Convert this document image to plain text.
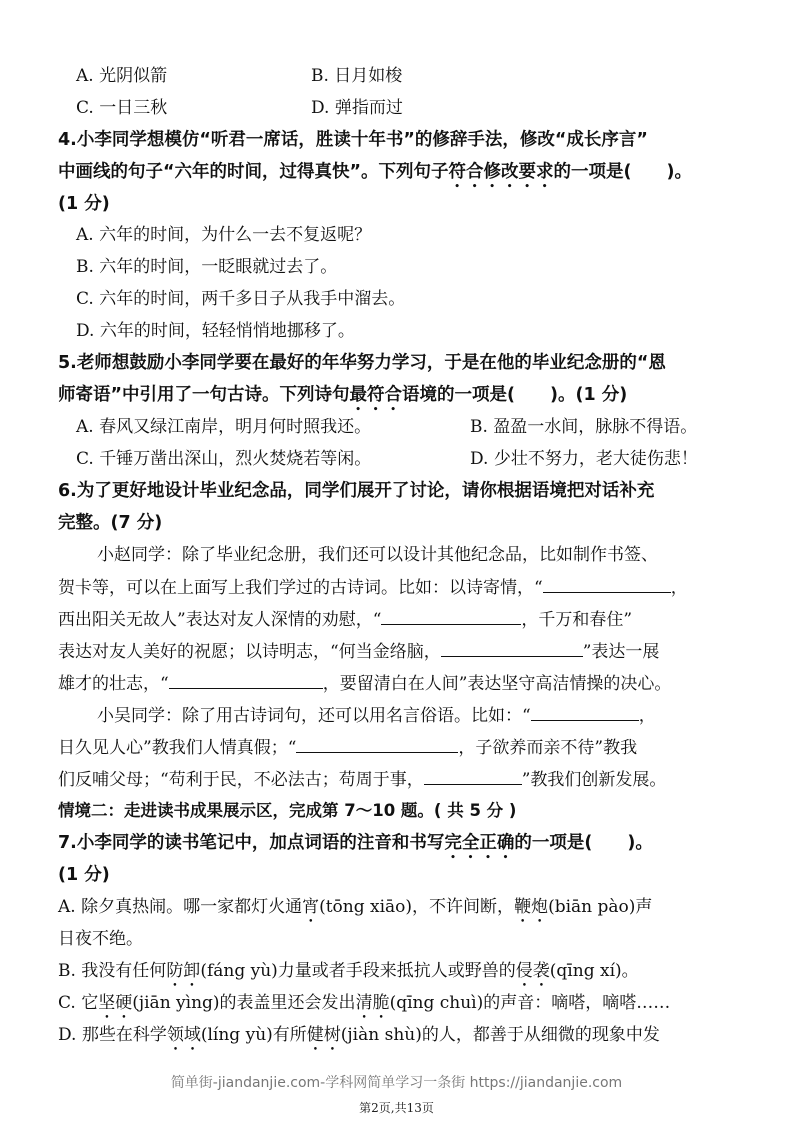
A. 光阴似箭	B. 日月如梭
C. 一日三秋	D. 弹指而过
4.小李同学想模仿“听君一席话，胜读十年书”的修辞手法，修改“成长序言”
中画线的句子“六年的时间，过得真快”。下列句子符合修改要求的一项是(　　)。
(1 分)
A. 六年的时间，为什么一去不复返呢？
B. 六年的时间，一眨眼就过去了。
C. 六年的时间，两千多日子从我手中溜去。
D. 六年的时间，轻轻悄悄地挪移了。
5.老师想鼓励小李同学要在最好的年华努力学习，于是在他的毕业纪念册的“恩
师寄语”中引用了一句古诗。下列诗句最符合语境的一项是(　　)。(1 分)
A. 春风又绿江南岸，明月何时照我还。	B. 盈盈一水间，脉脉不得语。
C. 千锤万凿出深山，烈火焚烧若等闲。	D. 少壮不努力，老大徒伤悲！
6.为了更好地设计毕业纪念品，同学们展开了讨论，请你根据语境把对话补充
完整。(7 分)
小赵同学：除了毕业纪念册，我们还可以设计其他纪念品，比如制作书签、
贺卡等，可以在上面写上我们学过的古诗词。比如：以诗寄情，“	，
西出阳关无故人”表达对友人深情的劝慰，“	，千万和春住”
表达对友人美好的祝愿；以诗明志，“何当金络脑，	”表达一展
雄才的壮志，“	，要留清白在人间”表达坚守高洁情操的决心。
小吴同学：除了用古诗词句，还可以用名言俗语。比如：“	，
日久见人心”教我们人情真假；“	，子欲养而亲不待”教我
们反哺父母；“苟利于民，不必法古；苟周于事，	”教我们创新发展。
情境二：走进读书成果展示区，完成第 7～10 题。( 共 5 分 )
7.小李同学的读书笔记中，加点词语的注音和书写完全正确的一项是(　　)。
(1 分)
A. 除夕真热闹。哪一家都灯火通宵(tōng xiāo)，不许间断，鞭炮(biān pào)声
日夜不绝。
B. 我没有任何防卸(fáng yù)力量或者手段来抵抗人或野兽的侵袭(qīng xí)。
C. 它坚硬(jiān yìng)的表盖里还会发出清脆(qīng chuì)的声音：嘀嗒，嘀嗒……
D. 那些在科学领域(líng yù)有所健树(jiàn shù)的人，都善于从细微的现象中发
简单街-jiandanjie.com-学科网简单学习一条街 https://jiandanjie.com
第2页,共13页
